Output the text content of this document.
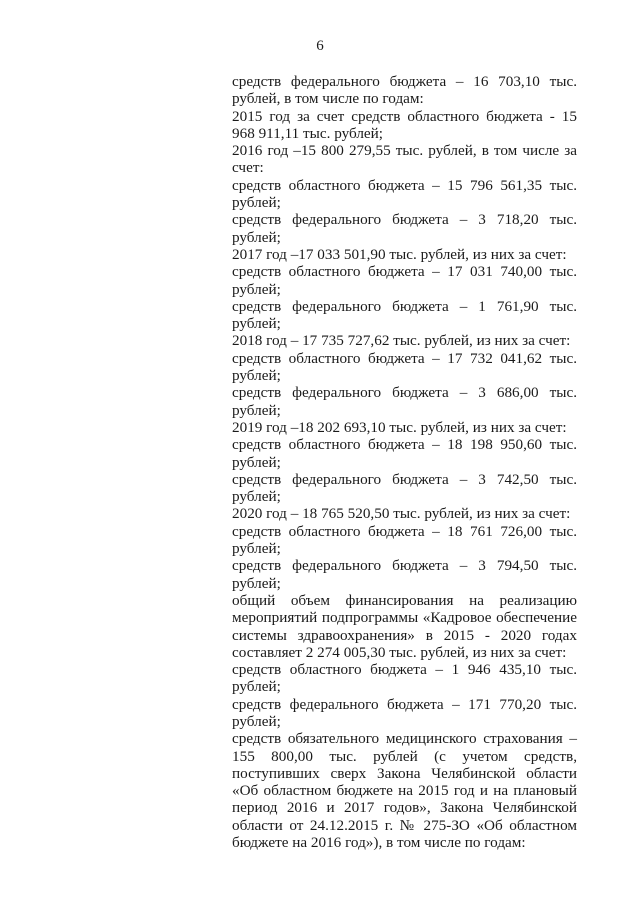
6

средств федерального бюджета – 16 703,10 тыс. рублей, в том числе по годам:

2015 год за счет средств областного бюджета - 15 968 911,11 тыс. рублей;

2016 год –15 800 279,55 тыс. рублей, в том числе за счет:

средств областного бюджета – 15 796 561,35 тыс. рублей;

средств федерального бюджета – 3 718,20 тыс. рублей;

2017 год –17 033 501,90 тыс. рублей, из них за счет:

средств областного бюджета – 17 031 740,00 тыс. рублей;

средств федерального бюджета – 1 761,90 тыс. рублей;

2018 год – 17 735 727,62 тыс. рублей, из них за счет:

средств областного бюджета – 17 732 041,62 тыс. рублей;

средств федерального бюджета – 3 686,00 тыс. рублей;

2019 год –18 202 693,10 тыс. рублей, из них за счет:

средств областного бюджета – 18 198 950,60 тыс. рублей;

средств федерального бюджета – 3 742,50 тыс. рублей;

2020 год – 18 765 520,50 тыс. рублей, из них за счет:

средств областного бюджета – 18 761 726,00 тыс. рублей;

средств федерального бюджета – 3 794,50 тыс. рублей;

общий объем финансирования на реализацию мероприятий подпрограммы «Кадровое обеспечение системы здравоохранения» в 2015 - 2020 годах составляет 2 274 005,30 тыс. рублей, из них за счет:

средств областного бюджета – 1 946 435,10 тыс. рублей;

средств федерального бюджета – 171 770,20 тыс. рублей;

средств обязательного медицинского страхования – 155 800,00 тыс. рублей (с учетом средств, поступивших сверх Закона Челябинской области «Об областном бюджете на 2015 год и на плановый период 2016 и 2017 годов», Закона Челябинской области от 24.12.2015 г. № 275-ЗО «Об областном бюджете на 2016 год»), в том числе по годам:
